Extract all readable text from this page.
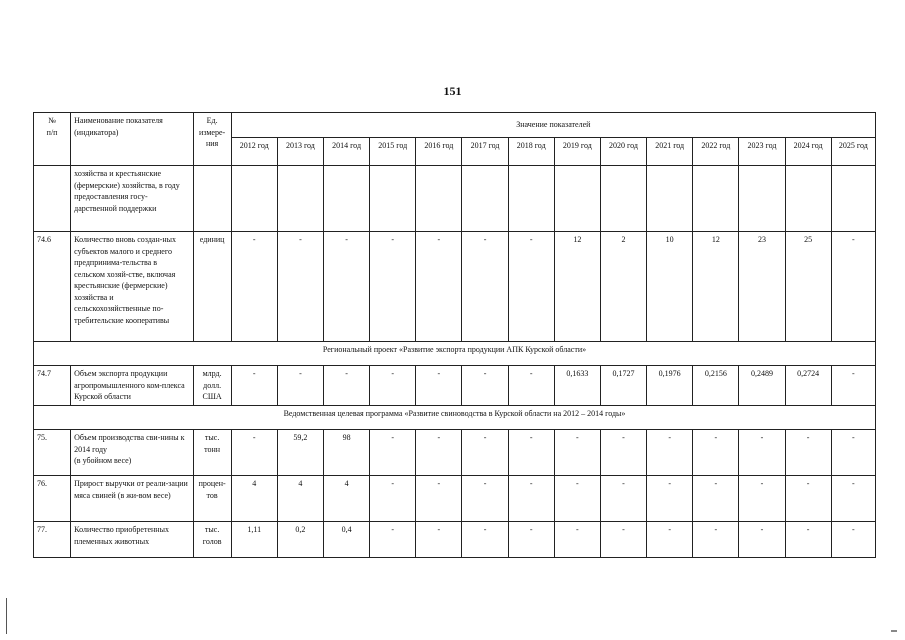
151
№
п/п	Наименование показателя (индикатора)	Ед.
измере-
ния	Значение показателей													
			2012 год	2013 год	2014 год	2015 год	2016 год	2017 год	2018 год	2019 год	2020 год	2021 год	2022 год	2023 год	2024 год	2025 год
	хозяйства и крестьянские (фермерские) хозяйства, в году предоставления госу-дарственной поддержки															
74.6	Количество вновь создан-ных субъектов малого и среднего предпринима-тельства в сельском хозяй-стве, включая крестьянские (фермерские) хозяйства и сельскохозяйственные по-требительские кооперативы	единиц	-	-	-	-	-	-	-	12	2	10	12	23	25	-
Региональный проект «Развитие экспорта продукции АПК Курской области»																
74.7	Объем экспорта продукции агропромышленного ком-плекса Курской области	млрд.
долл.
США	-	-	-	-	-	-	-	0,1633	0,1727	0,1976	0,2156	0,2489	0,2724	-
Ведомственная целевая программа «Развитие свиноводства в Курской области на 2012 – 2014 годы»																
75.	Объем производства сви-нины к 2014 году
(в убойном весе)	тыс.
тонн	-	59,2	98	-	-	-	-	-	-	-	-	-	-	-
76.	Прирост выручки от реали-зации мяса свиней (в жи-вом весе)	процен-
тов	4	4	4	-	-	-	-	-	-	-	-	-	-	-
77.	Количество приобретенных племенных животных	тыс.
голов	1,11	0,2	0,4	-	-	-	-	-	-	-	-	-	-	-
